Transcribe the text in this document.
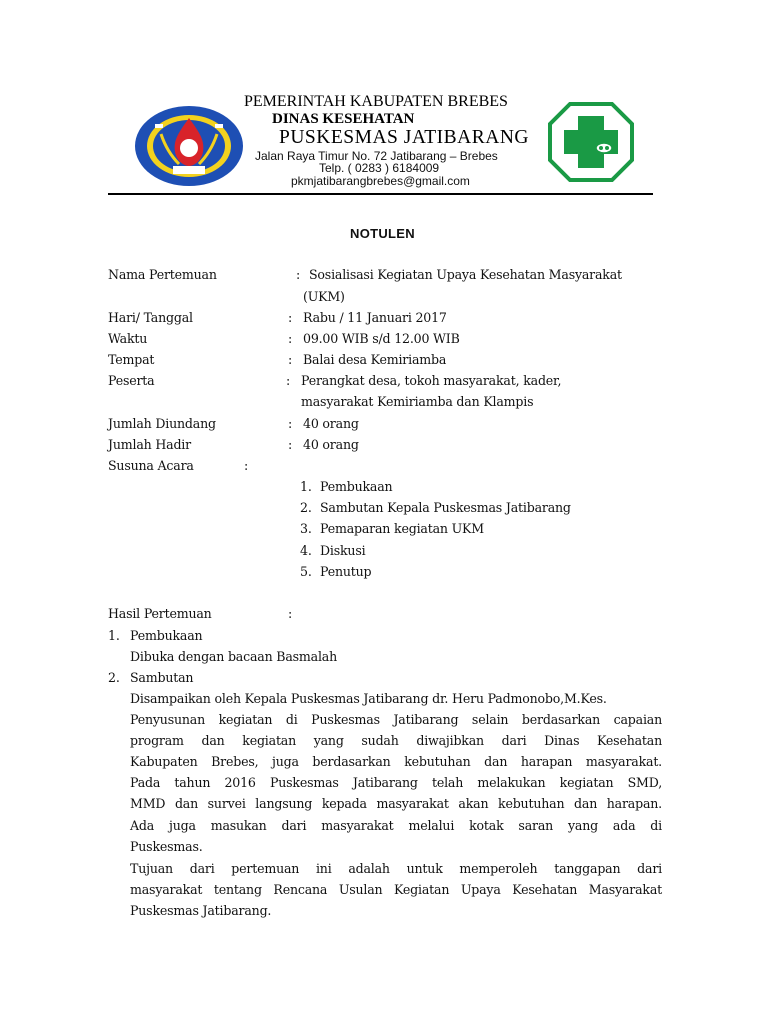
PEMERINTAH KABUPATEN BREBES
DINAS KESEHATAN
PUSKESMAS JATIBARANG
Jalan Raya Timur No. 72 Jatibarang – Brebes
Telp. ( 0283 ) 6184009
pkmjatibarangbrebes@gmail.com
NOTULEN
Nama Pertemuan	: Sosialisasi Kegiatan Upaya Kesehatan Masyarakat
(UKM)
Hari/ Tanggal	: Rabu / 11 Januari 2017
Waktu	: 09.00 WIB s/d 12.00 WIB
Tempat	: Balai desa Kemiriamba
Peserta	: Perangkat desa, tokoh masyarakat, kader,
masyarakat Kemiriamba dan Klampis
Jumlah Diundang	: 40 orang
Jumlah Hadir	: 40 orang
Susuna Acara	:
1. Pembukaan
2. Sambutan Kepala Puskesmas Jatibarang
3. Pemaparan kegiatan UKM
4. Diskusi
5. Penutup
Hasil Pertemuan	:
1. Pembukaan
Dibuka dengan bacaan Basmalah
2. Sambutan
Disampaikan oleh Kepala Puskesmas Jatibarang dr. Heru Padmonobo,M.Kes.
Penyusunan kegiatan di Puskesmas Jatibarang selain berdasarkan capaian
program dan kegiatan yang sudah diwajibkan dari Dinas Kesehatan
Kabupaten Brebes, juga berdasarkan kebutuhan dan harapan masyarakat.
Pada tahun 2016 Puskesmas Jatibarang telah melakukan kegiatan SMD,
MMD dan survei langsung kepada masyarakat akan kebutuhan dan harapan.
Ada juga masukan dari masyarakat melalui kotak saran yang ada di
Puskesmas.
Tujuan dari pertemuan ini adalah untuk memperoleh tanggapan dari
masyarakat tentang Rencana Usulan Kegiatan Upaya Kesehatan Masyarakat
Puskesmas Jatibarang.
